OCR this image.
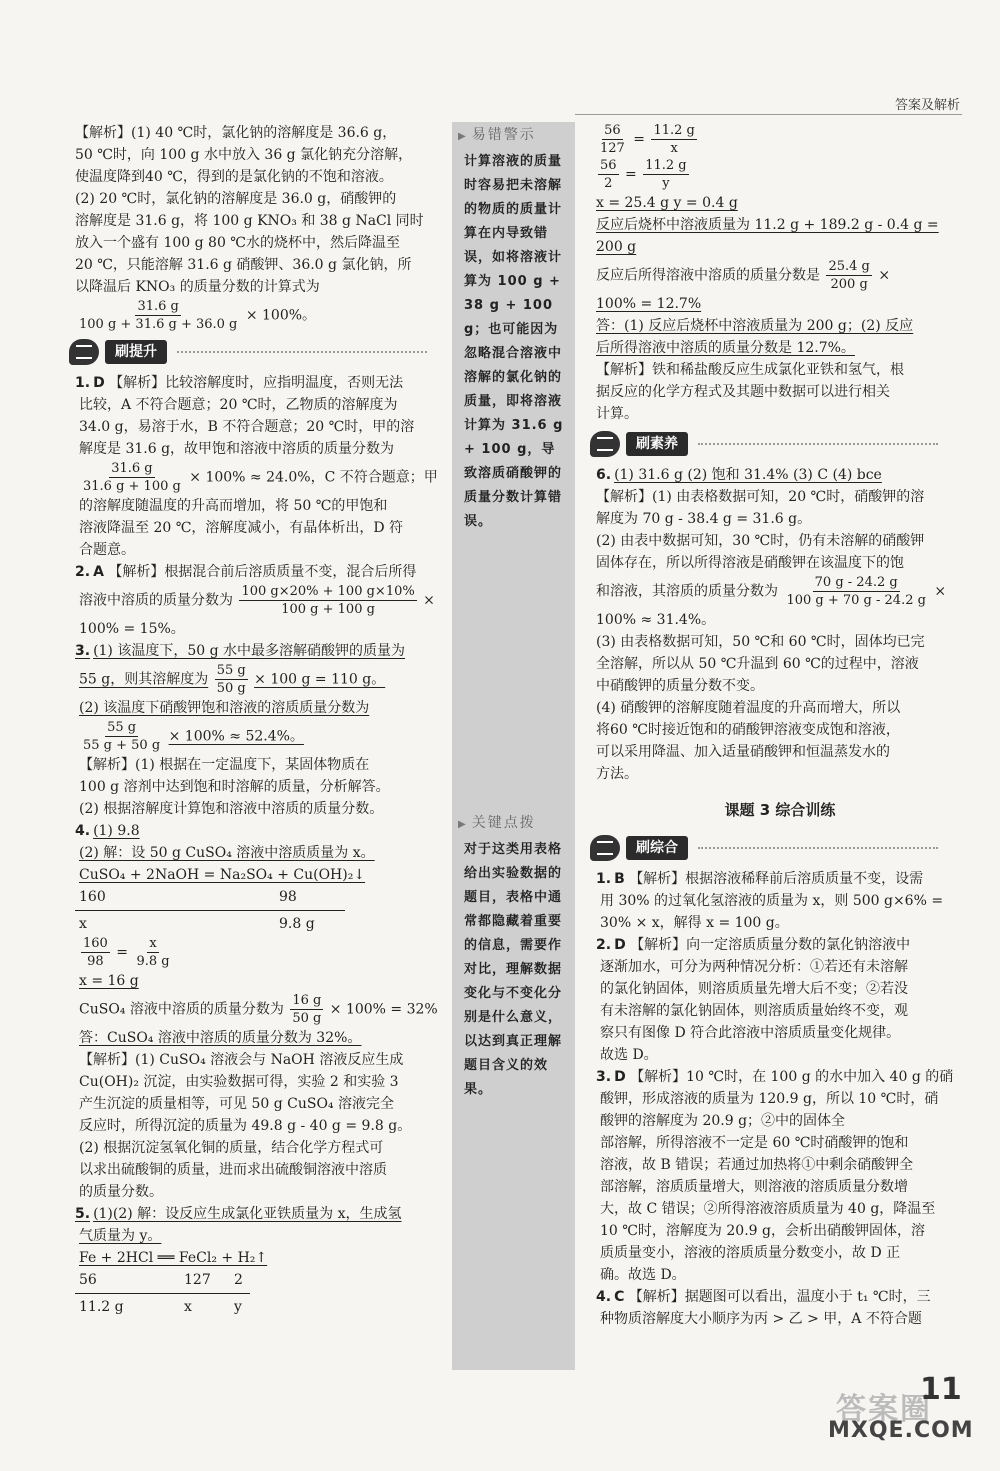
答案及解析

【解析】(1) 40 ℃时，氯化钠的溶解度是 36.6 g，

50 ℃时，向 100 g 水中放入 36 g 氯化钠充分溶解，

使温度降到40 ℃，得到的是氯化钠的不饱和溶液。

(2) 20 ℃时，氯化钠的溶解度是 36.0 g，硝酸钾的

溶解度是 31.6 g，将 100 g KNO₃ 和 38 g NaCl 同时

放入一个盛有 100 g 80 ℃水的烧杯中，然后降温至

20 ℃，只能溶解 31.6 g 硝酸钾、36.0 g 氯化钠，所

以降温后 KNO₃ 的质量分数的计算式为

$\frac{31.6 g}{100 g + 31.6 g + 36.0 g} \times 100\%$。

刷提升

1. D 【解析】比较溶解度时，应指明温度，否则无法

比较，A 不符合题意；20 ℃时，乙物质的溶解度为

34.0 g，易溶于水，B 不符合题意；20 ℃时，甲的溶

解度是 31.6 g，故甲饱和溶液中溶质的质量分数为

$\frac{31.6 g}{31.6 g + 100 g} \times 100\% \approx 24.0\%$，C 不符合题意；甲

的溶解度随温度的升高而增加，将 50 ℃的甲饱和

溶液降温至 20 ℃，溶解度减小，有晶体析出，D 符

合题意。

2. A 【解析】根据混合前后溶质质量不变，混合后所得

溶液中溶质的质量分数为 $\frac{100 g\times 20\% + 100 g\times 10\%}{100 g + 100 g}$ ×

100% = 15%。

3. (1) 该温度下，50 g 水中最多溶解硝酸钾的质量为

55 g，则其溶解度为 $\frac{55 g}{50 g} \times 100$ g = 110 g。

(2) 该温度下硝酸钾饱和溶液的溶质质量分数为

$\frac{55 g}{55 g + 50 g} \times 100\% \approx 52.4\%$。

【解析】(1) 根据在一定温度下，某固体物质在

100 g 溶剂中达到饱和时溶解的质量，分析解答。

(2) 根据溶解度计算饱和溶液中溶质的质量分数。

4. (1) 9.8

(2) 解：设 50 g CuSO₄ 溶液中溶质质量为 x。

CuSO₄ + 2NaOH = Na₂SO₄ + Cu(OH)₂↓

160	98

x	9.8 g

$\frac{160}{98} = \frac{x}{9.8 g}$

x = 16 g

CuSO₄ 溶液中溶质的质量分数为 $\frac{16 g}{50 g} \times 100\% = 32\%$

答：CuSO₄ 溶液中溶质的质量分数为 32%。

【解析】(1) CuSO₄ 溶液会与 NaOH 溶液反应生成

Cu(OH)₂ 沉淀，由实验数据可得，实验 2 和实验 3

产生沉淀的质量相等，可见 50 g CuSO₄ 溶液完全

反应时，所得沉淀的质量为 49.8 g - 40 g = 9.8 g。

(2) 根据沉淀氢氧化铜的质量，结合化学方程式可

以求出硫酸铜的质量，进而求出硫酸铜溶液中溶质

的质量分数。

5. (1)(2) 解：设反应生成氯化亚铁质量为 x，生成氢

气质量为 y。

Fe + 2HCl ══ FeCl₂ + H₂↑

56	127 2

11.2 g	x	y

▶ 易错警示
计算溶液的质量时容易把未溶解的物质的质量计算在内导致错误，如将溶液计算为 100 g + 38 g + 100 g；也可能因为忽略混合溶液中溶解的氯化钠的质量，即将溶液计算为 31.6 g + 100 g，导致溶质硝酸钾的质量分数计算错误。
▶ 关键点拨
对于这类用表格给出实验数据的题目，表格中通常都隐藏着重要的信息，需要作对比，理解数据变化与不变化分别是什么意义，以达到真正理解题目含义的效果。

$\frac{56}{127} = \frac{11.2 g}{x}$

$\frac{56}{2} = \frac{11.2 g}{y}$

x = 25.4 g y = 0.4 g

反应后烧杯中溶液质量为 11.2 g + 189.2 g - 0.4 g =

200 g

反应后所得溶液中溶质的质量分数是 $\frac{25.4 g}{200 g}$ ×

100% = 12.7%

答：(1) 反应后烧杯中溶液质量为 200 g；(2) 反应

后所得溶液中溶质的质量分数是 12.7%。

【解析】铁和稀盐酸反应生成氯化亚铁和氢气，根

据反应的化学方程式及其题中数据可以进行相关

计算。

刷素养

6. (1) 31.6 g (2) 饱和 31.4% (3) C (4) bce

【解析】(1) 由表格数据可知，20 ℃时，硝酸钾的溶

解度为 70 g - 38.4 g = 31.6 g。

(2) 由表中数据可知，30 ℃时，仍有未溶解的硝酸钾

固体存在，所以所得溶液是硝酸钾在该温度下的饱

和溶液，其溶质的质量分数为 $\frac{70 g - 24.2 g}{100 g + 70 g - 24.2 g}$ ×

100% ≈ 31.4%。

(3) 由表格数据可知，50 ℃和 60 ℃时，固体均已完

全溶解，所以从 50 ℃升温到 60 ℃的过程中，溶液

中硝酸钾的质量分数不变。

(4) 硝酸钾的溶解度随着温度的升高而增大，所以

将60 ℃时接近饱和的硝酸钾溶液变成饱和溶液，

可以采用降温、加入适量硝酸钾和恒温蒸发水的

方法。

课题 3 综合训练
刷综合

1. B 【解析】根据溶液稀释前后溶质质量不变，设需

用 30% 的过氧化氢溶液的质量为 x，则 500 g×6% =

30% × x，解得 x = 100 g。

2. D 【解析】向一定溶质质量分数的氯化钠溶液中

逐渐加水，可分为两种情况分析：①若还有未溶解

的氯化钠固体，则溶质质量先增大后不变；②若没

有未溶解的氯化钠固体，则溶质质量始终不变，观

察只有图像 D 符合此溶液中溶质质量变化规律。

故选 D。

3. D 【解析】10 ℃时，在 100 g 的水中加入 40 g 的硝

酸钾，形成溶液的质量为 120.9 g，所以 10 ℃时，硝

酸钾的溶解度为 20.9 g；②中的固体全

部溶解，所得溶液不一定是 60 ℃时硝酸钾的饱和

溶液，故 B 错误；若通过加热将①中剩余硝酸钾全

部溶解，溶质质量增大，则溶液的溶质质量分数增

大，故 C 错误；②所得溶液溶质质量为 40 g，降温至

10 ℃时，溶解度为 20.9 g，会析出硝酸钾固体，溶

质质量变小，溶液的溶质质量分数变小，故 D 正

确。故选 D。

4. C 【解析】据题图可以看出，温度小于 t₁ ℃时，三

种物质溶解度大小顺序为丙 > 乙 > 甲，A 不符合题

答案圈
11
MXQE.COM
